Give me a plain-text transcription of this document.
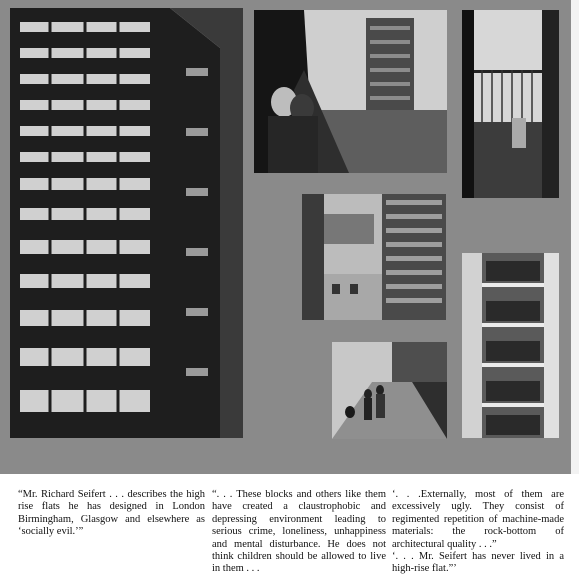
“Mr. Richard Seifert . . . describes the high rise flats he has designed in London Birmingham, Glasgow and elsewhere as ‘socially evil.’”

“. . . These blocks and others like them have created a claustrophobic and depressing environment leading to serious crime, loneliness, unhappiness and mental disturbance. He does not think children should be allowed to live in them . . .

‘. . .Externally, most of them are excessively ugly. They consist of regimented repetition of machine-made materials: the rock-bottom of architectural quality . . .”

‘. . . Mr. Seifert has never lived in a high-rise flat.”’
